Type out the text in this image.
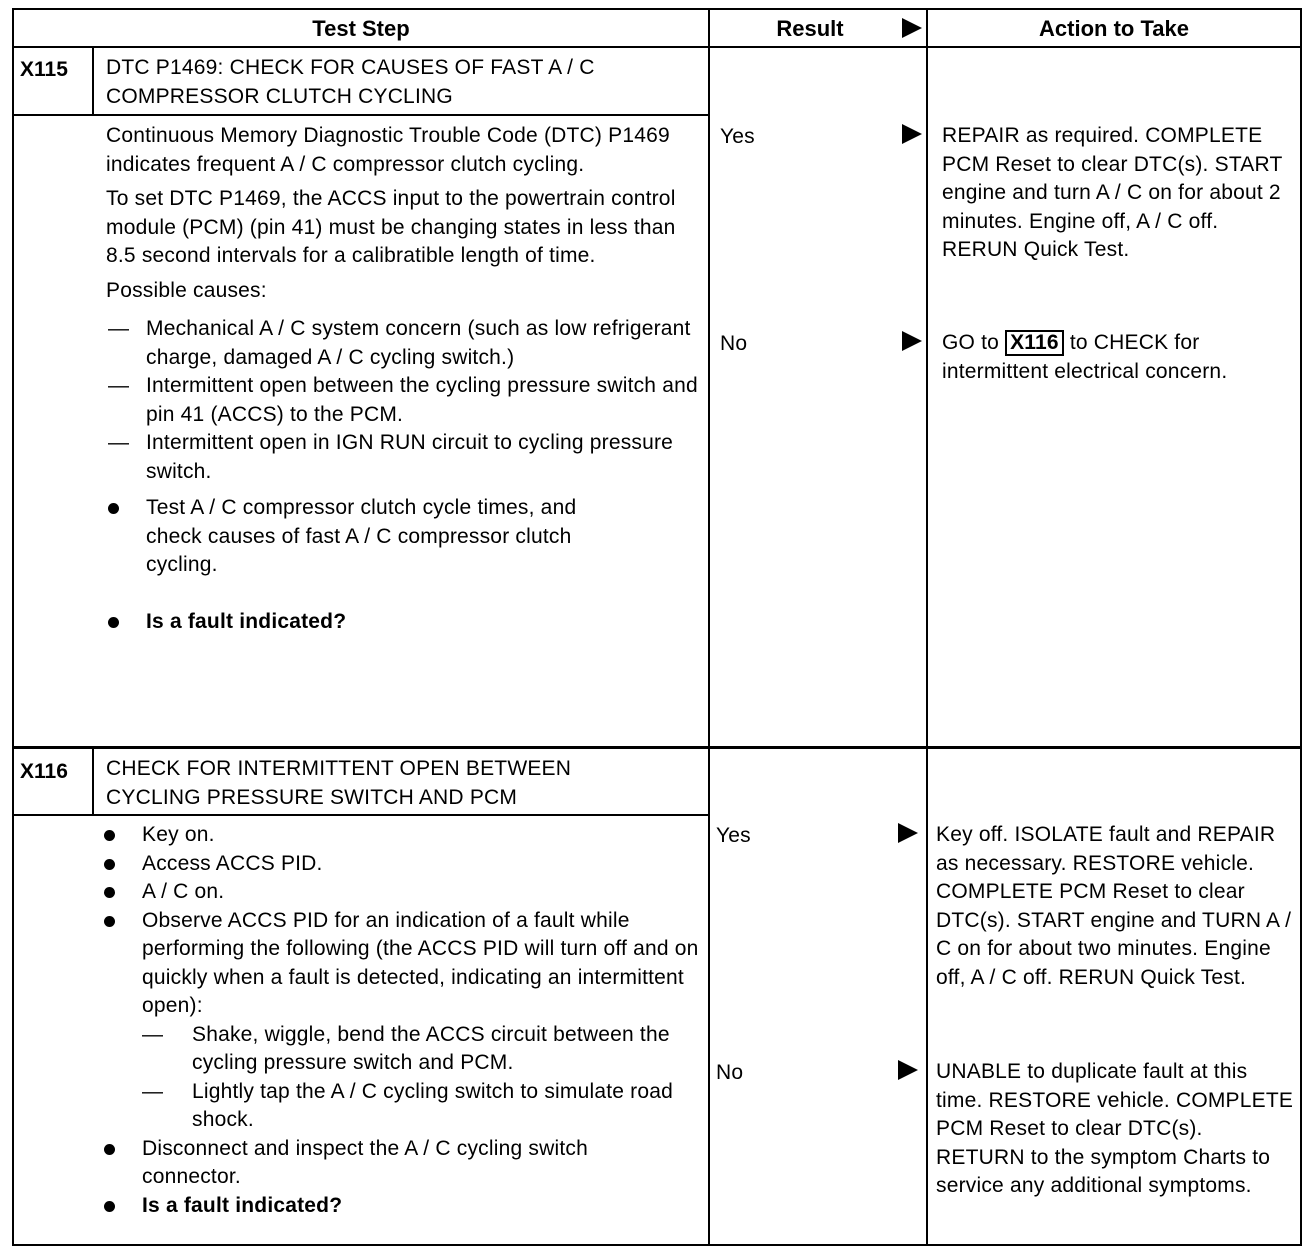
Test Step	Result	Action to Take
X115 DTC P1469: CHECK FOR CAUSES OF FAST A / C
COMPRESSOR CLUTCH CYCLING

Continuous Memory Diagnostic Trouble Code (DTC) P1469 indicates frequent A / C compressor clutch cycling.

To set DTC P1469, the ACCS input to the powertrain control module (PCM) (pin 41) must be changing states in less than 8.5 second intervals for a calibratible length of time.

Possible causes:

— Mechanical A / C system concern (such as low refrigerant charge, damaged A / C cycling switch.)
— Intermittent open between the cycling pressure switch and pin 41 (ACCS) to the PCM.
— Intermittent open in IGN RUN circuit to cycling pressure switch.
Test A / C compressor clutch cycle times, and check causes of fast A / C compressor clutch cycling.
Is a fault indicated?
Yes	REPAIR as required. COMPLETE PCM Reset to clear DTC(s). START engine and turn A / C on for about 2 minutes. Engine off, A / C off. RERUN Quick Test.
No	GO to X116 to CHECK for intermittent electrical concern.
X116 CHECK FOR INTERMITTENT OPEN BETWEEN
CYCLING PRESSURE SWITCH AND PCM
Key on.
Access ACCS PID.
A / C on.
Observe ACCS PID for an indication of a fault while performing the following (the ACCS PID will turn off and on quickly when a fault is detected, indicating an intermittent open):
— Shake, wiggle, bend the ACCS circuit between the cycling pressure switch and PCM.
— Lightly tap the A / C cycling switch to simulate road shock.
Disconnect and inspect the A / C cycling switch connector.
Is a fault indicated?
Yes	Key off. ISOLATE fault and REPAIR as necessary. RESTORE vehicle. COMPLETE PCM Reset to clear DTC(s). START engine and TURN A / C on for about two minutes. Engine off, A / C off. RERUN Quick Test.
No	UNABLE to duplicate fault at this time. RESTORE vehicle. COMPLETE PCM Reset to clear DTC(s). RETURN to the symptom Charts to service any additional symptoms.
